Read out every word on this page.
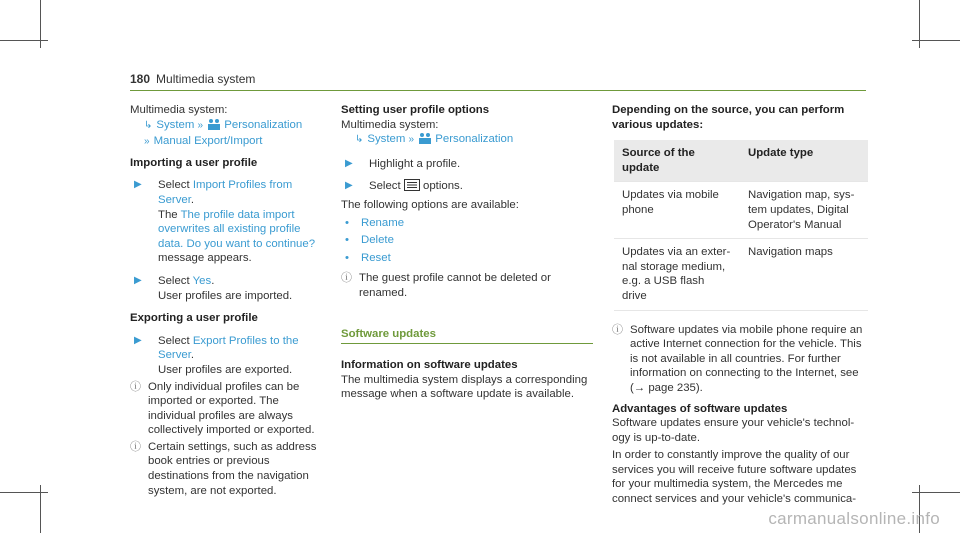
180 Multimedia system
Multimedia system:
↳ System » Personalization
» Manual Export/Import
Importing a user profile
▶	Select Import Profiles from Server.
The The profile data import overwrites all existing profile data. Do you want to continue? message appears.
▶	Select Yes.
User profiles are imported.
Exporting a user profile
▶	Select Export Profiles to the Server.
User profiles are exported.
ⓘ Only individual profiles can be imported or exported. The individual profiles are always collectively imported or exported.
ⓘ Certain settings, such as address book entries or previous destinations from the navigation system, are not exported.
Setting user profile options
Multimedia system:
↳ System » Personalization
▶	Highlight a profile.
▶	Select  options.
The following options are available:
•	Rename
•	Delete
•	Reset
ⓘ The guest profile cannot be deleted or renamed.
Software updates
Information on software updates
The multimedia system displays a corresponding message when a software update is available.
Depending on the source, you can perform various updates:
Source of the update	Update type
Updates via mobile phone	Navigation map, system updates, Digital Operator's Manual
Updates via an external storage medium, e.g. a USB flash drive	Navigation maps
ⓘ Software updates via mobile phone require an active Internet connection for the vehicle. This is not available in all countries. For further information on connecting to the Internet, see (→ page 235).
Advantages of software updates
Software updates ensure your vehicle's technology is up-to-date.
In order to constantly improve the quality of our services you will receive future software updates for your multimedia system, the Mercedes me connect services and your vehicle's communica-
carmanualsonline.info
